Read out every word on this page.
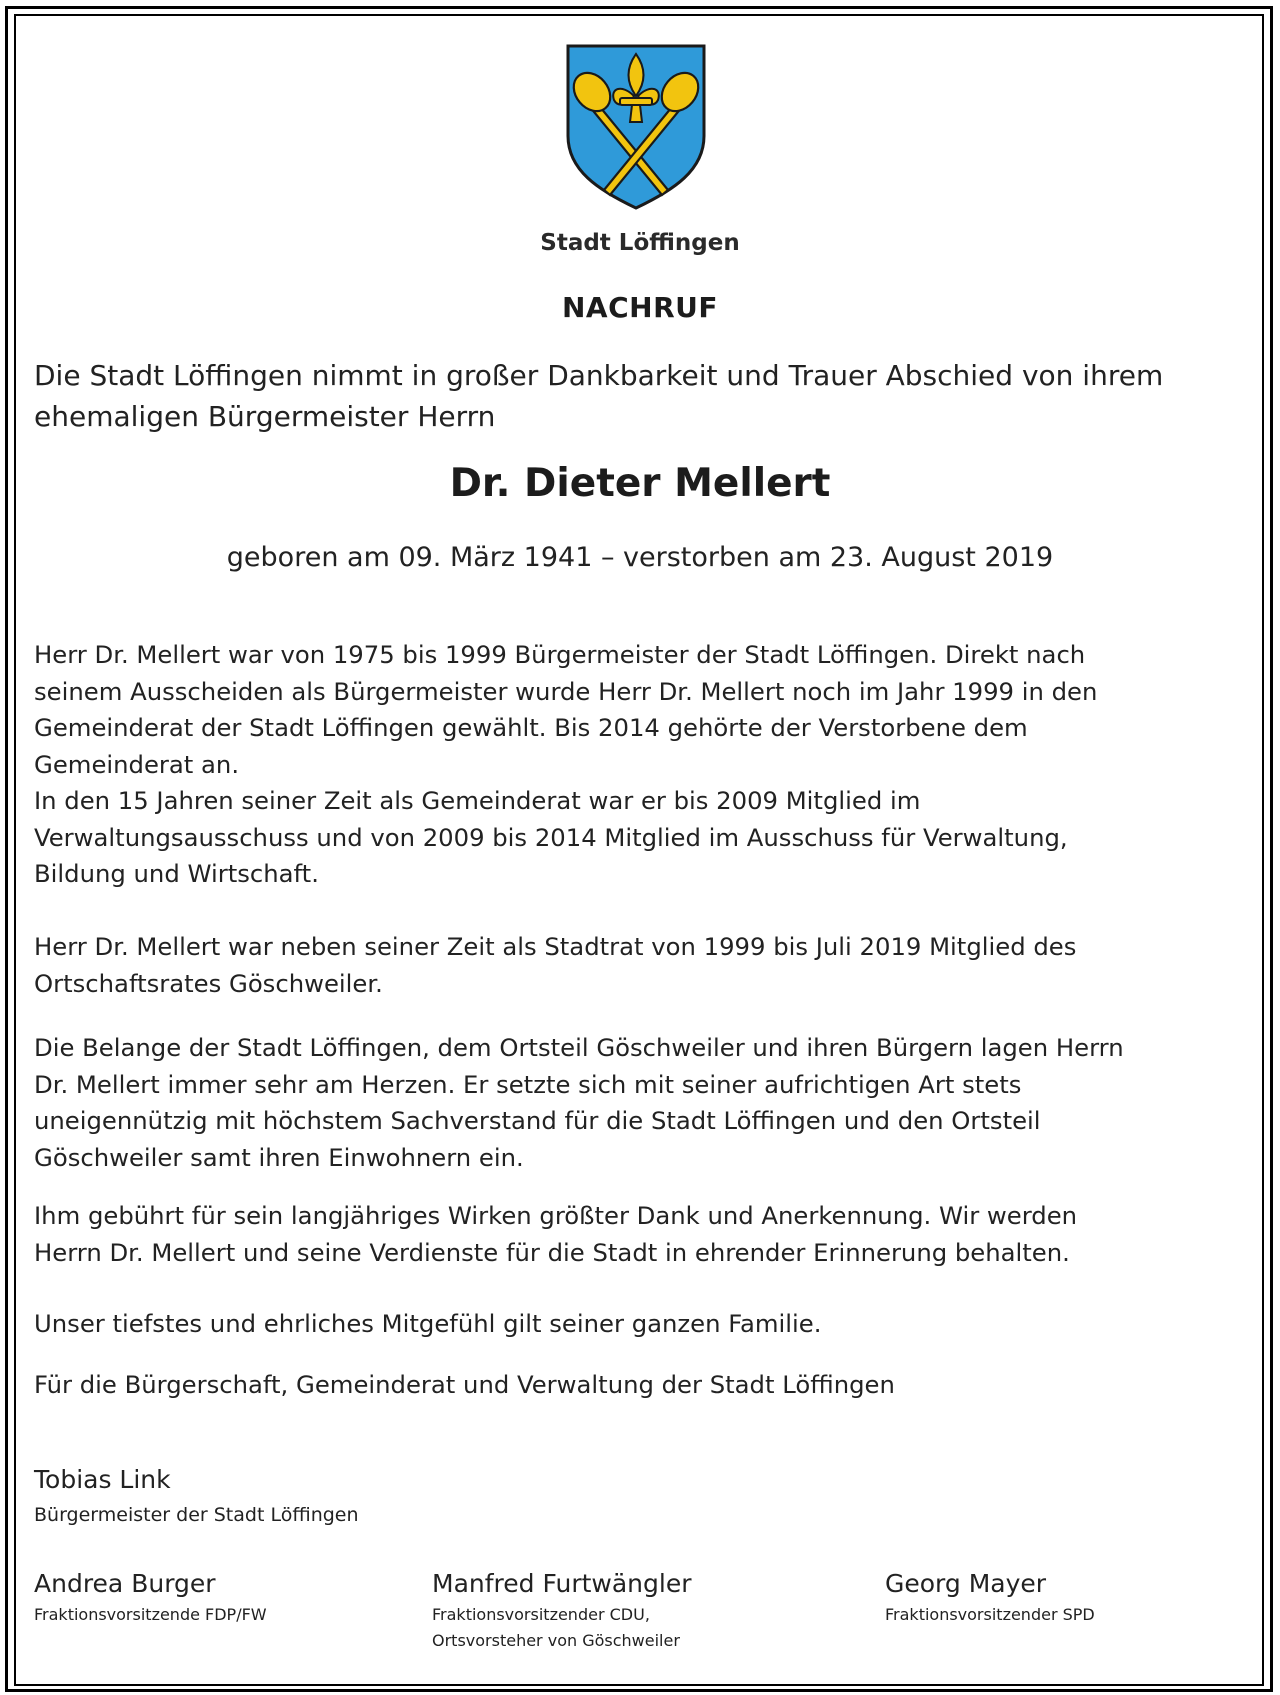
Stadt Löffingen
NACHRUF
Die Stadt Löffingen nimmt in großer Dankbarkeit und Trauer Abschied von ihrem ehemaligen Bürgermeister Herrn
Dr. Dieter Mellert
geboren am 09. März 1941 – verstorben am 23. August 2019
Herr Dr. Mellert war von 1975 bis 1999 Bürgermeister der Stadt Löffingen. Direkt nach
seinem Ausscheiden als Bürgermeister wurde Herr Dr. Mellert noch im Jahr 1999 in den
Gemeinderat der Stadt Löffingen gewählt. Bis 2014 gehörte der Verstorbene dem
Gemeinderat an.
In den 15 Jahren seiner Zeit als Gemeinderat war er bis 2009 Mitglied im
Verwaltungsausschuss und von 2009 bis 2014 Mitglied im Ausschuss für Verwaltung,
Bildung und Wirtschaft.
Herr Dr. Mellert war neben seiner Zeit als Stadtrat von 1999 bis Juli 2019 Mitglied des
Ortschaftsrates Göschweiler.
Die Belange der Stadt Löffingen, dem Ortsteil Göschweiler und ihren Bürgern lagen Herrn
Dr. Mellert immer sehr am Herzen. Er setzte sich mit seiner aufrichtigen Art stets
uneigennützig mit höchstem Sachverstand für die Stadt Löffingen und den Ortsteil
Göschweiler samt ihren Einwohnern ein.
Ihm gebührt für sein langjähriges Wirken größter Dank und Anerkennung. Wir werden
Herrn Dr. Mellert und seine Verdienste für die Stadt in ehrender Erinnerung behalten.
Unser tiefstes und ehrliches Mitgefühl gilt seiner ganzen Familie.
Für die Bürgerschaft, Gemeinderat und Verwaltung der Stadt Löffingen
Tobias Link
Bürgermeister der Stadt Löffingen
Andrea Burger
Fraktionsvorsitzende FDP/FW
Manfred Furtwängler
Fraktionsvorsitzender CDU,
Ortsvorsteher von Göschweiler
Georg Mayer
Fraktionsvorsitzender SPD
